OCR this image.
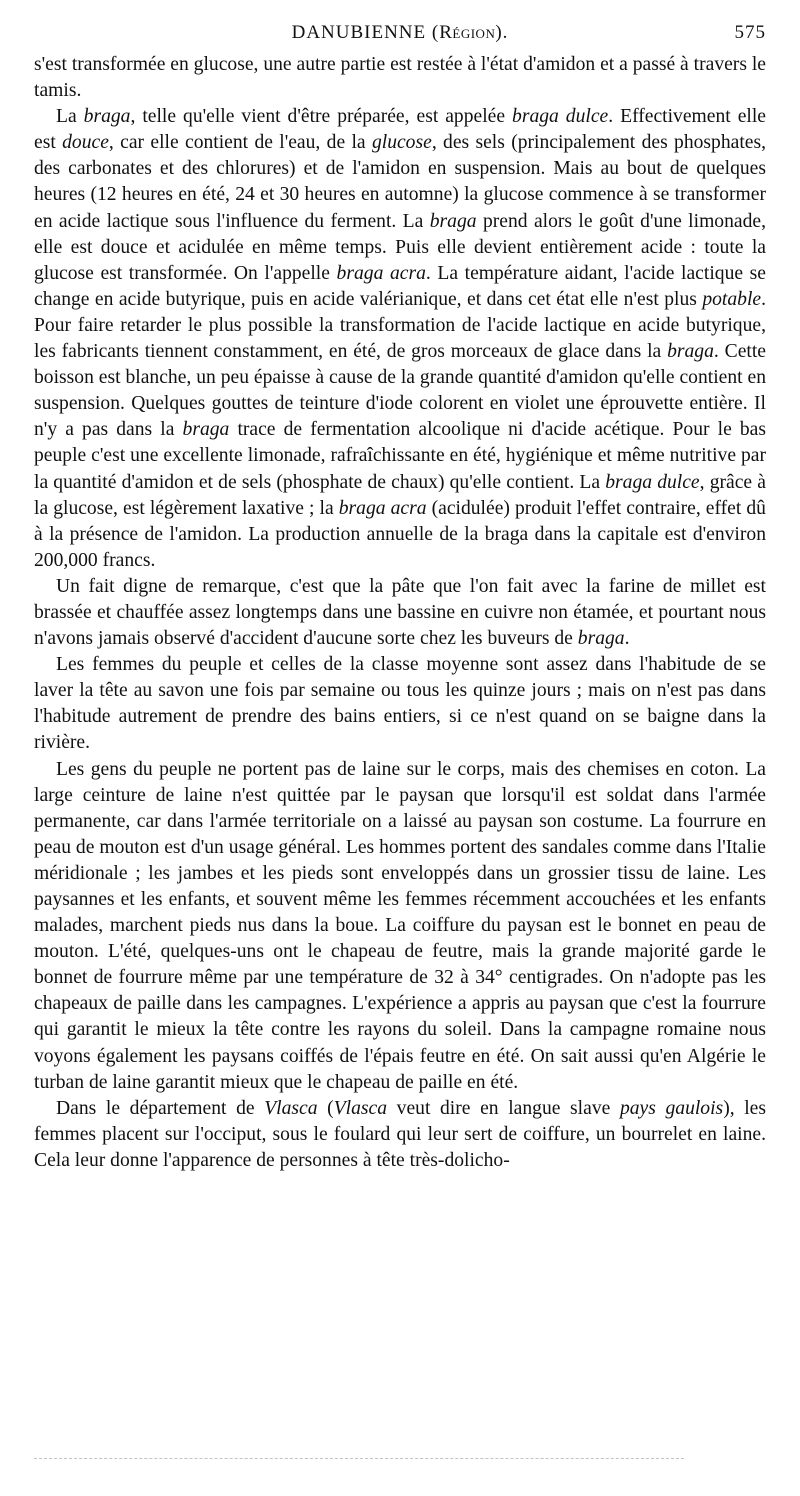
DANUBIENNE (Région).	575

s'est transformée en glucose, une autre partie est restée à l'état d'amidon et a passé à travers le tamis.

La braga, telle qu'elle vient d'être préparée, est appelée braga dulce. Effectivement elle est douce, car elle contient de l'eau, de la glucose, des sels (principalement des phosphates, des carbonates et des chlorures) et de l'amidon en suspension. Mais au bout de quelques heures (12 heures en été, 24 et 30 heures en automne) la glucose commence à se transformer en acide lactique sous l'influence du ferment. La braga prend alors le goût d'une limonade, elle est douce et acidulée en même temps. Puis elle devient entièrement acide : toute la glucose est transformée. On l'appelle braga acra. La température aidant, l'acide lactique se change en acide butyrique, puis en acide valérianique, et dans cet état elle n'est plus potable. Pour faire retarder le plus possible la transformation de l'acide lactique en acide butyrique, les fabricants tiennent constamment, en été, de gros morceaux de glace dans la braga. Cette boisson est blanche, un peu épaisse à cause de la grande quantité d'amidon qu'elle contient en suspension. Quelques gouttes de teinture d'iode colorent en violet une éprouvette entière. Il n'y a pas dans la braga trace de fermentation alcoolique ni d'acide acétique. Pour le bas peuple c'est une excellente limonade, rafraîchissante en été, hygiénique et même nutritive par la quantité d'amidon et de sels (phosphate de chaux) qu'elle contient. La braga dulce, grâce à la glucose, est légèrement laxative ; la braga acra (acidulée) produit l'effet contraire, effet dû à la présence de l'amidon. La production annuelle de la braga dans la capitale est d'environ 200,000 francs.

Un fait digne de remarque, c'est que la pâte que l'on fait avec la farine de millet est brassée et chauffée assez longtemps dans une bassine en cuivre non étamée, et pourtant nous n'avons jamais observé d'accident d'aucune sorte chez les buveurs de braga.

Les femmes du peuple et celles de la classe moyenne sont assez dans l'habitude de se laver la tête au savon une fois par semaine ou tous les quinze jours ; mais on n'est pas dans l'habitude autrement de prendre des bains entiers, si ce n'est quand on se baigne dans la rivière.

Les gens du peuple ne portent pas de laine sur le corps, mais des chemises en coton. La large ceinture de laine n'est quittée par le paysan que lorsqu'il est soldat dans l'armée permanente, car dans l'armée territoriale on a laissé au paysan son costume. La fourrure en peau de mouton est d'un usage général. Les hommes portent des sandales comme dans l'Italie méridionale ; les jambes et les pieds sont enveloppés dans un grossier tissu de laine. Les paysannes et les enfants, et souvent même les femmes récemment accouchées et les enfants malades, marchent pieds nus dans la boue. La coiffure du paysan est le bonnet en peau de mouton. L'été, quelques-uns ont le chapeau de feutre, mais la grande majorité garde le bonnet de fourrure même par une température de 32 à 34° centigrades. On n'adopte pas les chapeaux de paille dans les campagnes. L'expérience a appris au paysan que c'est la fourrure qui garantit le mieux la tête contre les rayons du soleil. Dans la campagne romaine nous voyons également les paysans coiffés de l'épais feutre en été. On sait aussi qu'en Algérie le turban de laine garantit mieux que le chapeau de paille en été.

Dans le département de Vlasca (Vlasca veut dire en langue slave pays gaulois), les femmes placent sur l'occiput, sous le foulard qui leur sert de coiffure, un bourrelet en laine. Cela leur donne l'apparence de personnes à tête très-dolicho-
